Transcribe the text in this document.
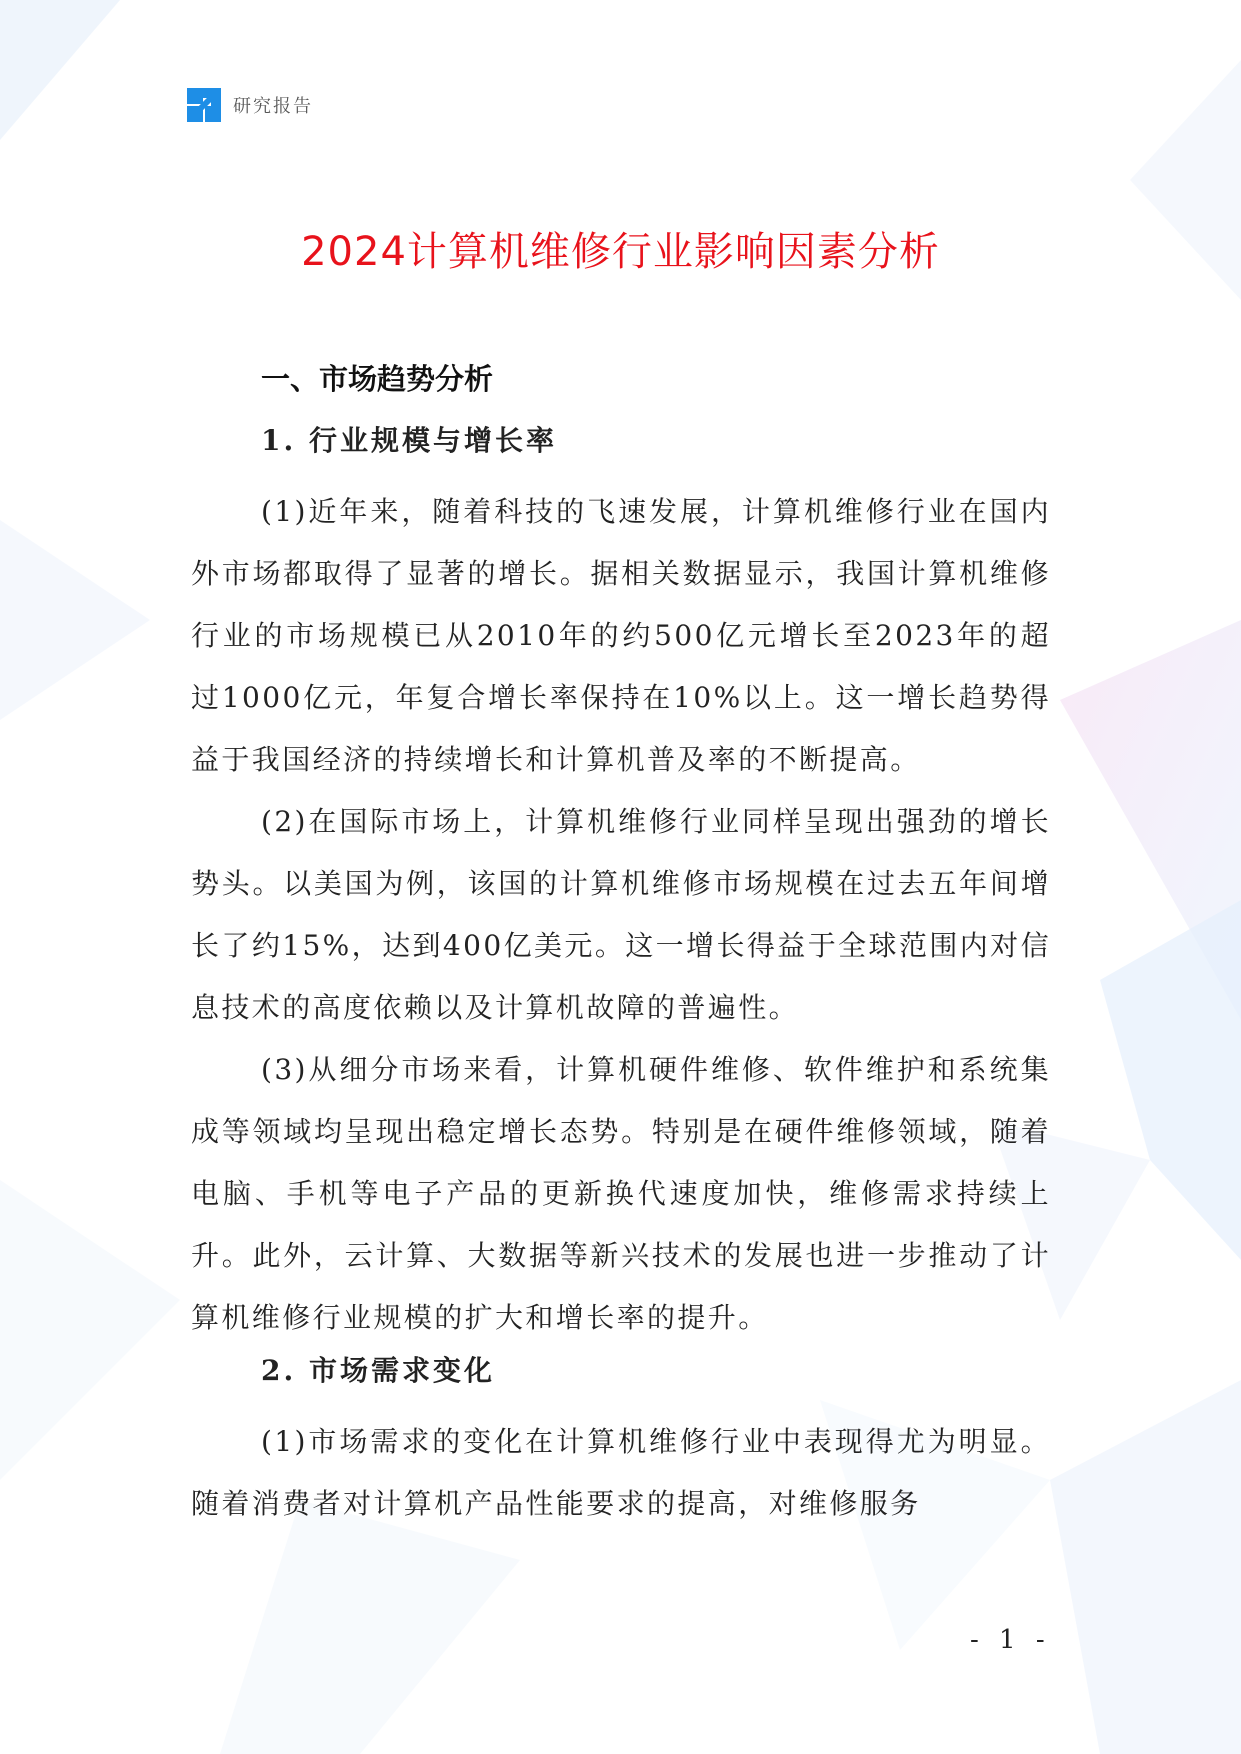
研究报告
2024计算机维修行业影响因素分析
一、市场趋势分析
1. 行业规模与增长率

(1)近年来，随着科技的飞速发展，计算机维修行业在国内外市场都取得了显著的增长。据相关数据显示，我国计算机维修行业的市场规模已从2010年的约500亿元增长至2023年的超过1000亿元，年复合增长率保持在10%以上。这一增长趋势得益于我国经济的持续增长和计算机普及率的不断提高。

(2)在国际市场上，计算机维修行业同样呈现出强劲的增长势头。以美国为例，该国的计算机维修市场规模在过去五年间增长了约15%，达到400亿美元。这一增长得益于全球范围内对信息技术的高度依赖以及计算机故障的普遍性。

(3)从细分市场来看，计算机硬件维修、软件维护和系统集成等领域均呈现出稳定增长态势。特别是在硬件维修领域，随着电脑、手机等电子产品的更新换代速度加快，维修需求持续上升。此外，云计算、大数据等新兴技术的发展也进一步推动了计算机维修行业规模的扩大和增长率的提升。

2. 市场需求变化

(1)市场需求的变化在计算机维修行业中表现得尤为明显。随着消费者对计算机产品性能要求的提高，对维修服务

- 1 -
